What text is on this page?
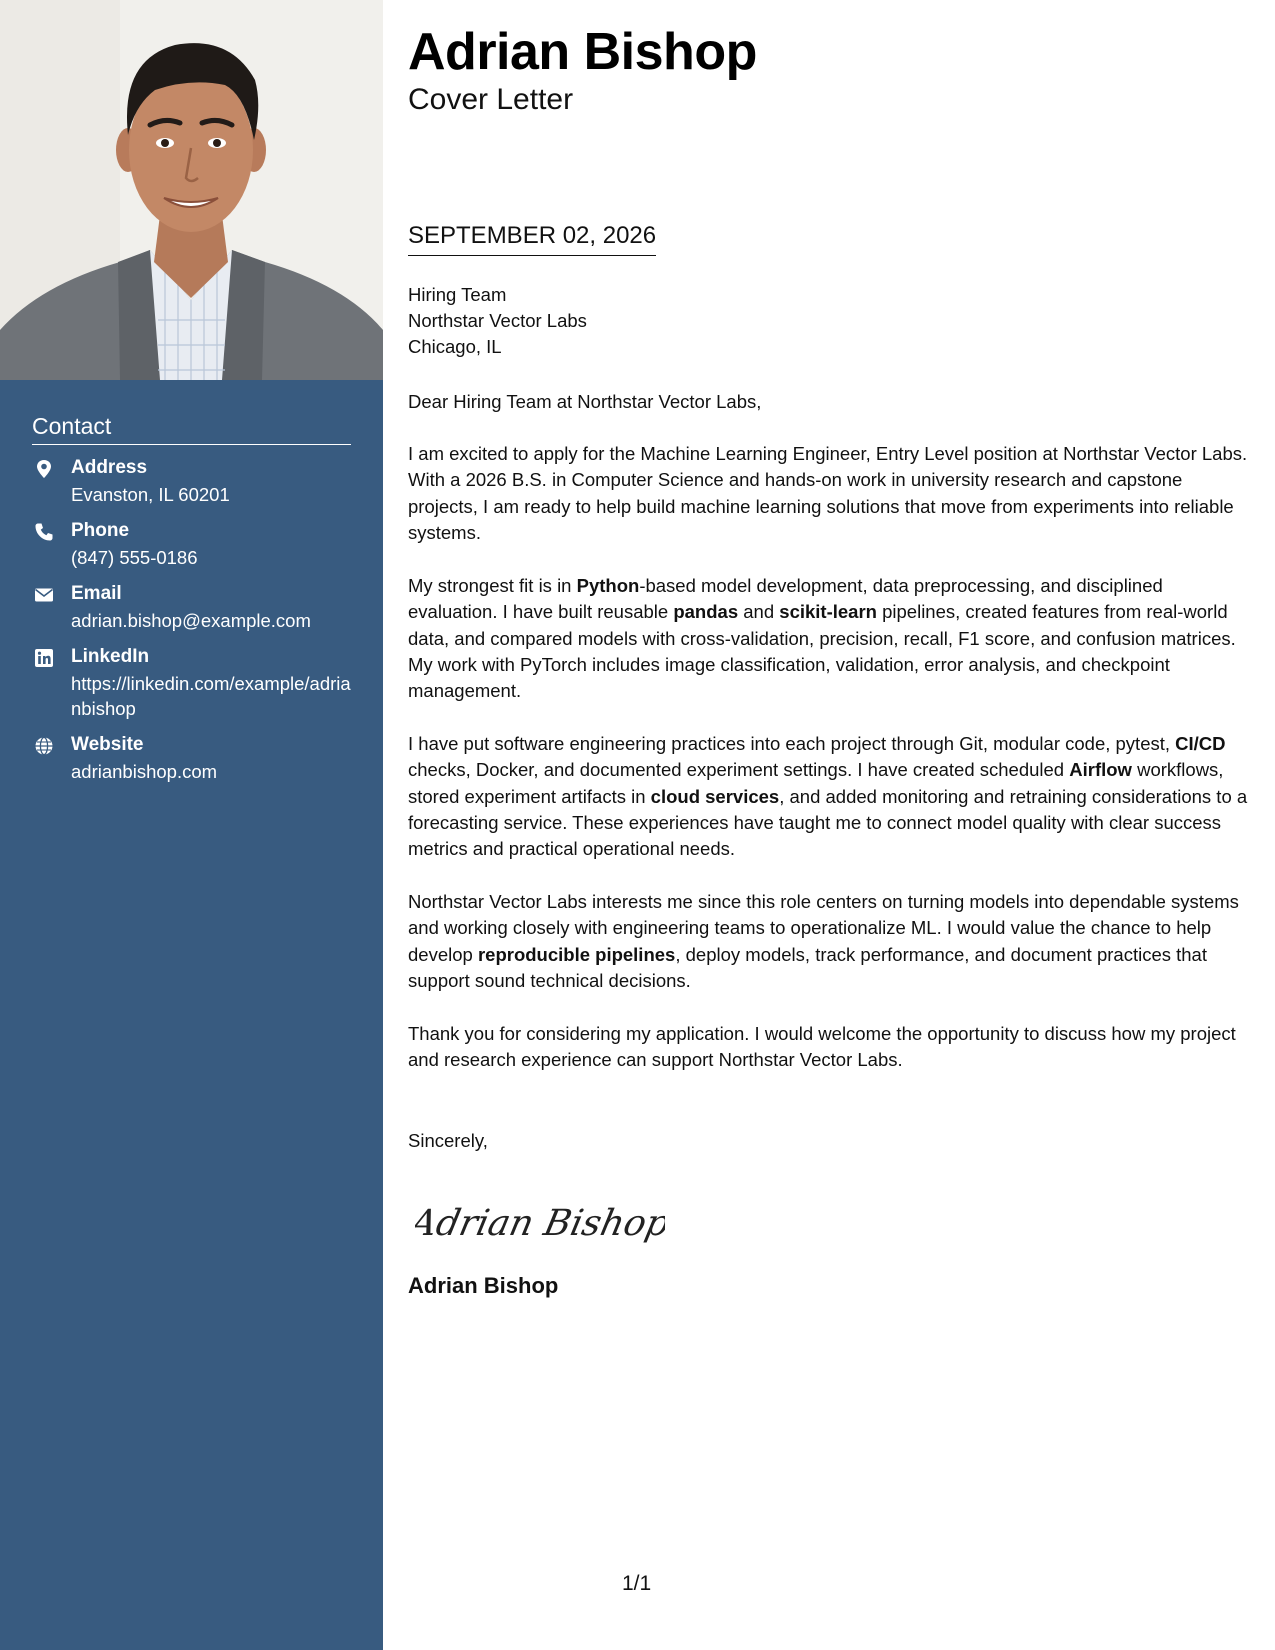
Contact
Address
Evanston, IL 60201
Phone
(847) 555-0186
Email
adrian.bishop@example.com
LinkedIn
https://linkedin.com/example/adrianbishop
Website
adrianbishop.com
Adrian Bishop
Cover Letter
SEPTEMBER 02, 2026
Hiring Team
Northstar Vector Labs
Chicago, IL

Dear Hiring Team at Northstar Vector Labs,

I am excited to apply for the Machine Learning Engineer, Entry Level position at Northstar Vector Labs. With a 2026 B.S. in Computer Science and hands-on work in university research and capstone projects, I am ready to help build machine learning solutions that move from experiments into reliable systems.

My strongest fit is in Python-based model development, data preprocessing, and disciplined evaluation. I have built reusable pandas and scikit-learn pipelines, created features from real-world data, and compared models with cross-validation, precision, recall, F1 score, and confusion matrices. My work with PyTorch includes image classification, validation, error analysis, and checkpoint management.

I have put software engineering practices into each project through Git, modular code, pytest, CI/CD checks, Docker, and documented experiment settings. I have created scheduled Airflow workflows, stored experiment artifacts in cloud services, and added monitoring and retraining considerations to a forecasting service. These experiences have taught me to connect model quality with clear success metrics and practical operational needs.

Northstar Vector Labs interests me since this role centers on turning models into dependable systems and working closely with engineering teams to operationalize ML. I would value the chance to help develop reproducible pipelines, deploy models, track performance, and document practices that support sound technical decisions.

Thank you for considering my application. I would welcome the opportunity to discuss how my project and research experience can support Northstar Vector Labs.

Sincerely,

Adrian Bishop
Adrian Bishop
1/1
